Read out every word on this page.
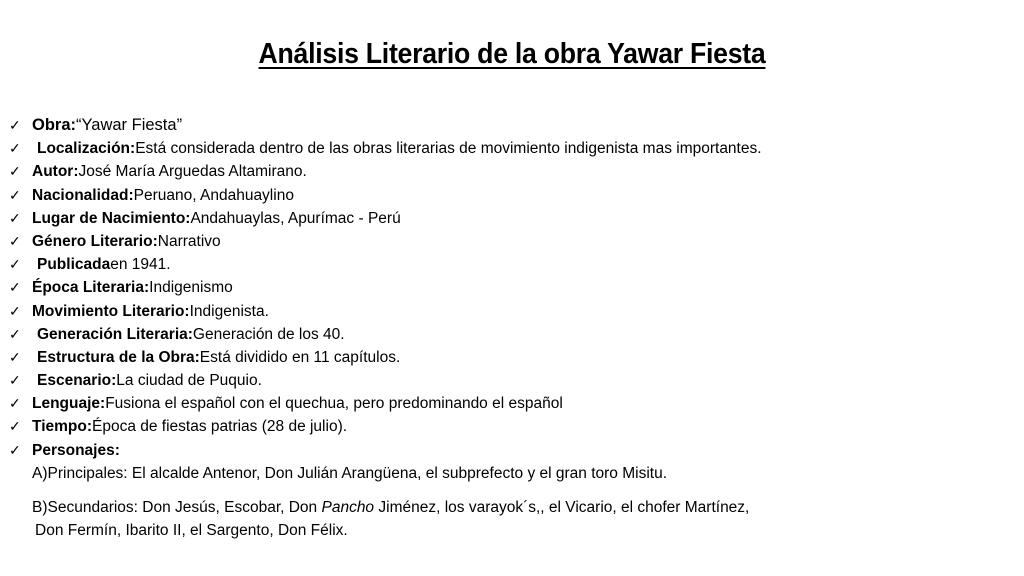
Análisis Literario de la obra Yawar Fiesta
✓ Obra: “Yawar Fiesta”
✓	Localización: Está considerada dentro de las obras literarias de movimiento indigenista mas importantes.
✓ Autor: José María Arguedas Altamirano.
✓ Nacionalidad: Peruano, Andahuaylino
✓ Lugar de Nacimiento: Andahuaylas, Apurímac - Perú
✓ Género Literario: Narrativo
✓	Publicada en 1941.
✓ Época Literaria: Indigenismo
✓ Movimiento Literario: Indigenista.
✓	Generación Literaria: Generación de los 40.
✓	Estructura de la Obra: Está dividido en 11 capítulos.
✓	Escenario: La ciudad de Puquio.
✓ Lenguaje: Fusiona el español con el quechua, pero predominando el español
✓ Tiempo: Época de fiestas patrias (28 de julio).
✓ Personajes:
A)Principales: El alcalde Antenor, Don Julián Arangüena, el subprefecto y el gran toro Misitu.
B)Secundarios: Don Jesús, Escobar, Don Pancho Jiménez, los varayok´s,, el Vicario, el chofer Martínez,
Don Fermín, Ibarito II, el Sargento, Don Félix.
